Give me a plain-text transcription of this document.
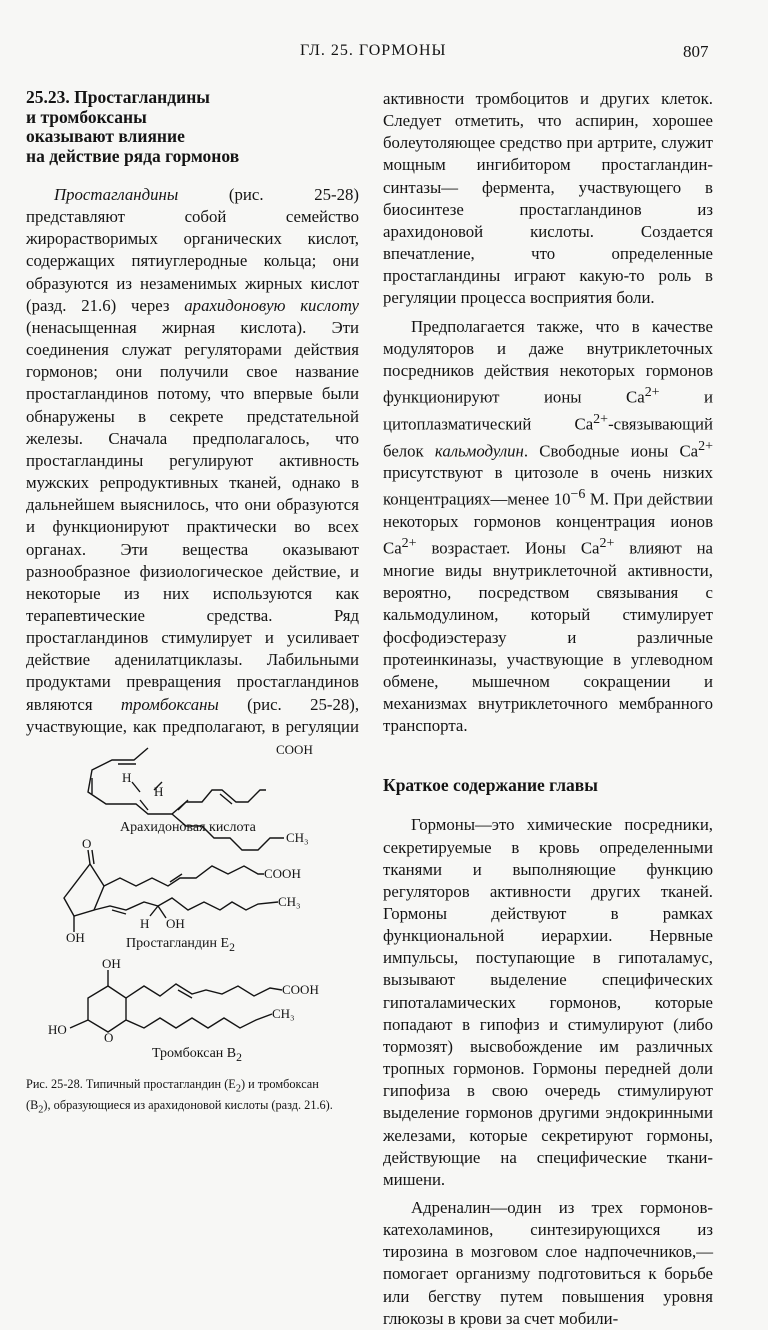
ГЛ. 25. ГОРМОНЫ	807
25.23. Простагландины
и тромбоксаны
оказывают влияние
на действие ряда гормонов

Простагландины	(рис.	25-28) представляют	собой	семейство жирорастворимых органических кислот, содержащих пятиуглеродные кольца; они образуются из незаменимых жирных кислот (разд. 21.6) через арахидоновую кислоту (ненасыщенная жирная кислота). Эти соединения служат регуляторами действия гормонов; они получили свое название простагландинов потому, что впервые были обнаружены в секрете предстательной железы. Сначала предполагалось, что простагландины регулируют активность мужских репродуктивных тканей, однако в дальнейшем выяснилось, что они образуются и функционируют практически во всех органах. Эти вещества оказывают разнообразное физиологическое действие, и некоторые из них используются как терапевтические	средства.	Ряд простагландинов стимулирует и усиливает действие аденилатциклазы. Лабильными продуктами превращения простагландинов являются тромбоксаны (рис. 25-28), участвующие, как предполагают, в регуляции

активности тромбоцитов и других клеток. Следует отметить, что аспирин, хорошее болеутоляющее средство при артрите, служит мощным ингибитором простагландин-синтазы— фермента, участвующего в биосинтезе	простагландинов	из арахидоновой	кислоты.	Создается впечатление,	что	определенные простагландины играют какую-то роль в регуляции процесса восприятия боли.

Предполагается также, что в качестве модуляторов и даже внутриклеточных посредников действия некоторых гормонов функционируют	ионы	$Ca^{2+}$	и цитоплазматический	$Ca^{2+}$-связывающий белок кальмодулин. Свободные ионы $Ca^{2+}$ присутствуют в цитозоле в очень низких концентрациях—менее $10^{-6}$ М. При действии некоторых гормонов концентрация ионов $Ca^{2+}$ возрастает. Ионы $Ca^{2+}$ влияют на многие виды внутриклеточной активности, вероятно, посредством связывания с кальмодулином, который стимулирует фосфодиэстеразу	и	различные протеинкиназы, участвующие в углеводном обмене, мышечном сокращении и механизмах внутриклеточного мембранного транспорта.

Краткое содержание главы

Гормоны—это химические посредники, секретируемые в кровь определенными тканями и выполняющие функцию регуляторов активности других тканей. Гормоны действуют в рамках функциональной иерархии. Нервные импульсы, поступающие в гипоталамус, вызывают выделение специфических гипоталамических гормонов, которые попадают в гипофиз и стимулируют (либо тормозят) высвобождение им различных тропных гормонов. Гормоны передней доли гипофиза в свою очередь стимулируют выделение гормонов другими эндокринными железами, которые секретируют гормоны, действующие на специфические ткани-мишени.

Адреналин—один из трех гормонов-катехоламинов, синтезирующихся из тирозина в мозговом слое надпочечников,—помогает организму подготовиться к борьбе или бегству путем повышения уровня глюкозы в крови за счет мобили-

COOH
CH₃
H
H
O
COOH
CH₃
OH
H OH
OH
HO
O
COOH
CH₃
Арахидоновая кислота
Простагландин $E_2$
Тромбоксан $B_2$
Рис. 25-28. Типичный простагландин $(E_2)$ и тромбоксан $(B_2)$, образующиеся из арахидоновой кислоты (разд. 21.6).
